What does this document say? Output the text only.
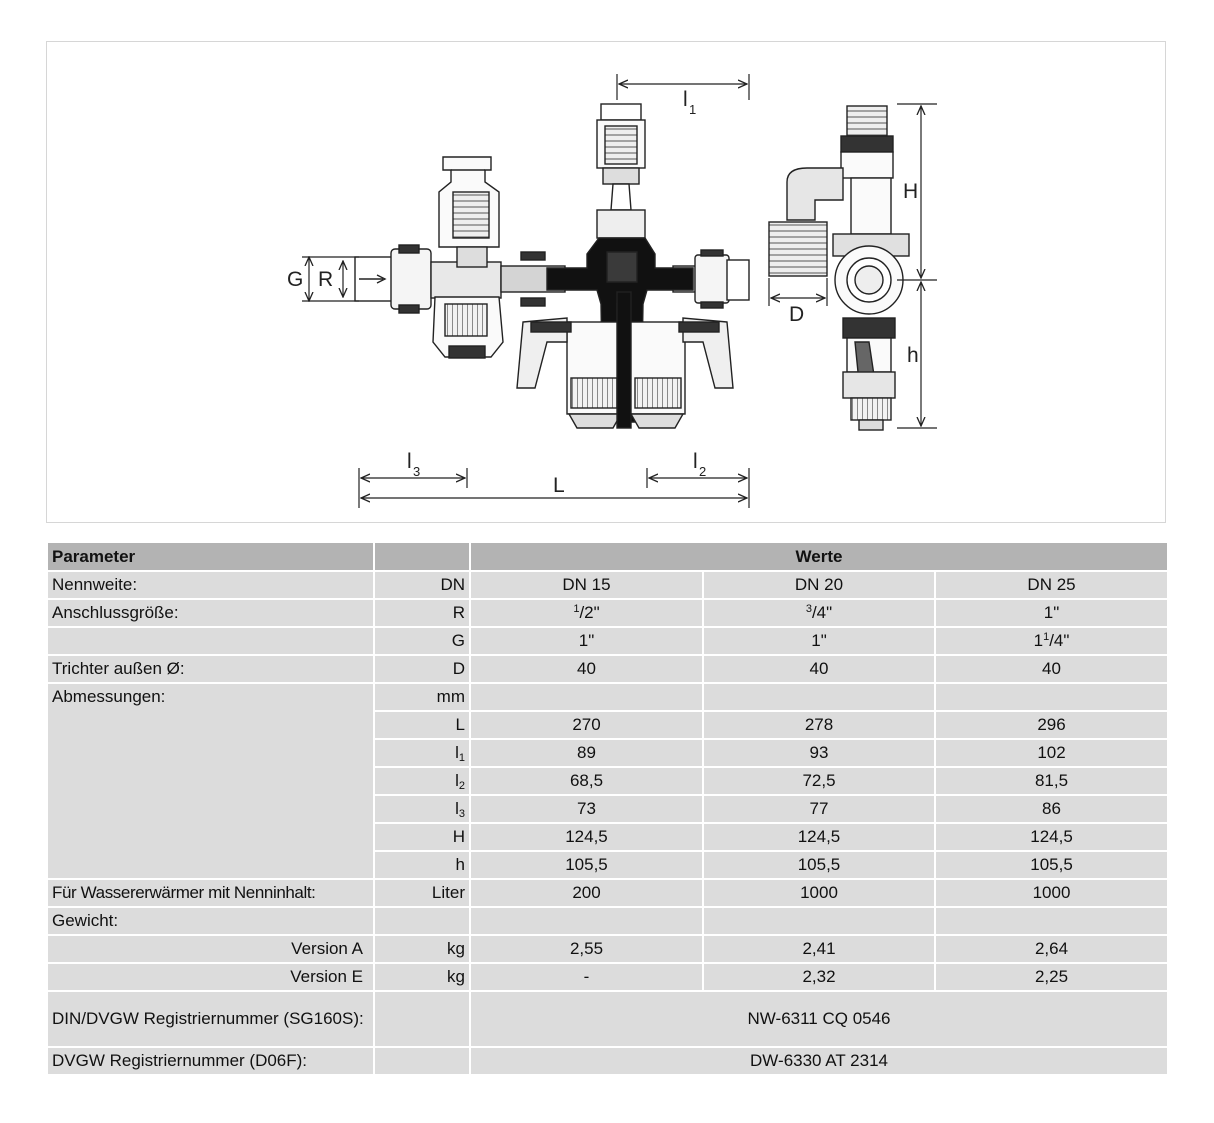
l 1
G R
l 3	l 2
L
H
h
D
Parameter		Werte		
Nennweite:	DN	DN 15	DN 20	DN 25
Anschlussgröße:	R	$^1$/2"	$^3$/4"	1"
	G	1"	1"	$1^1/4$"
Trichter außen Ø:	D	40	40	40
Abmessungen:	mm			
	L	270	278	296
	$l_1$	89	93	102
	$l_2$	68,5	72,5	81,5
	$l_3$	73	77	86
	H	124,5	124,5	124,5
	h	105,5	105,5	105,5
Für Wassererwärmer mit Nenninhalt:	Liter	200	1000	1000
Gewicht:				
Version A	kg	2,55	2,41	2,64
Version E	kg	-	2,32	2,25
DIN/DVGW Registriernummer (SG160S):		NW-6311 CQ 0546		
DVGW Registriernummer (D06F):		DW-6330 AT 2314		
